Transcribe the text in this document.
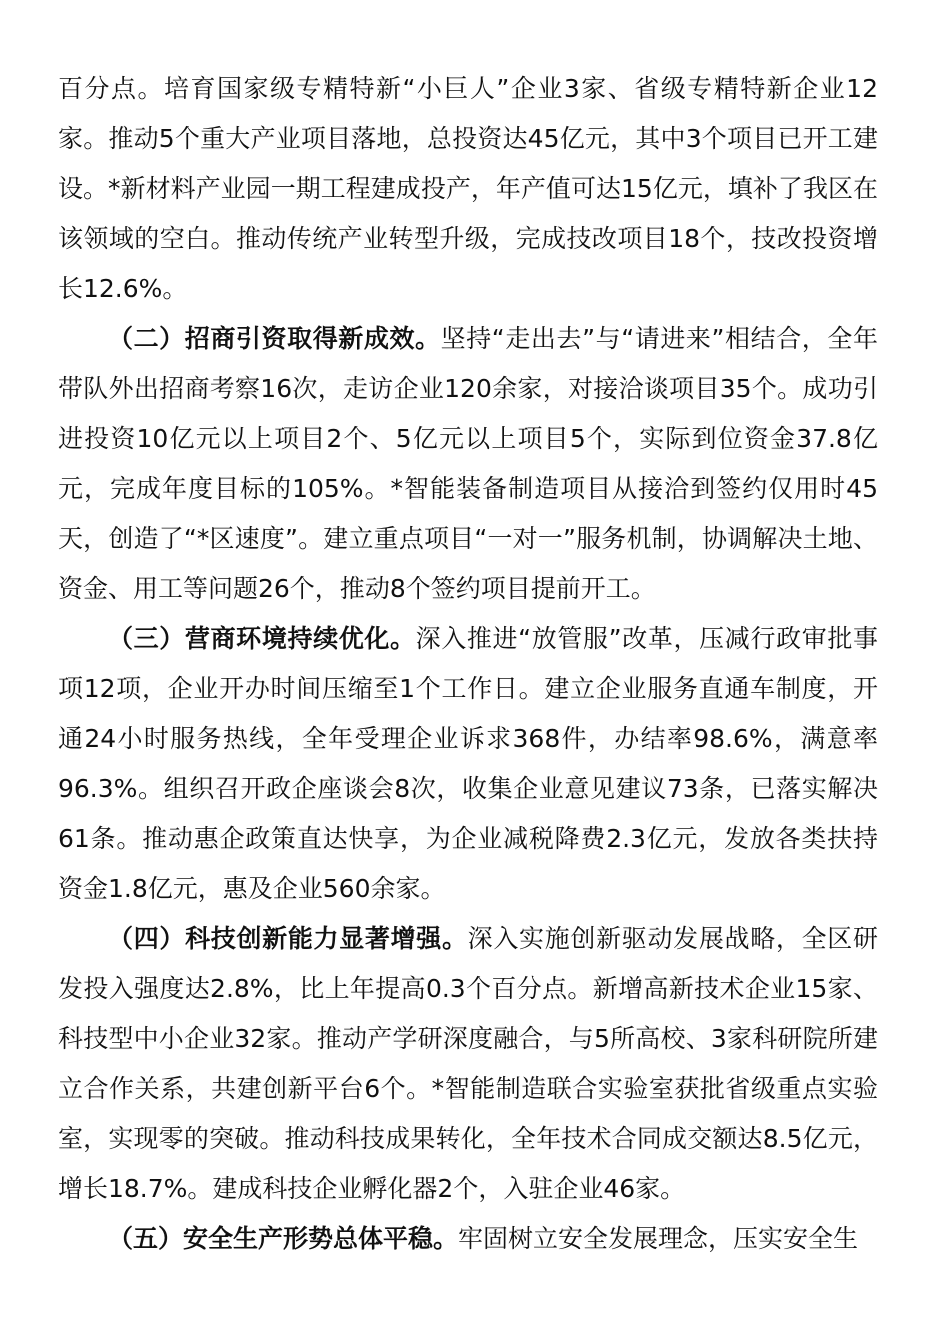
百分点。培育国家级专精特新“小巨人”企业3家、省级专精特新企业12家。推动5个重大产业项目落地，总投资达45亿元，其中3个项目已开工建设。*新材料产业园一期工程建成投产，年产值可达15亿元，填补了我区在该领域的空白。推动传统产业转型升级，完成技改项目18个，技改投资增长12.6%。

（二）招商引资取得新成效。坚持“走出去”与“请进来”相结合，全年带队外出招商考察16次，走访企业120余家，对接洽谈项目35个。成功引进投资10亿元以上项目2个、5亿元以上项目5个，实际到位资金37.8亿元，完成年度目标的105%。*智能装备制造项目从接洽到签约仅用时45天，创造了“*区速度”。建立重点项目“一对一”服务机制，协调解决土地、资金、用工等问题26个，推动8个签约项目提前开工。

（三）营商环境持续优化。深入推进“放管服”改革，压减行政审批事项12项，企业开办时间压缩至1个工作日。建立企业服务直通车制度，开通24小时服务热线，全年受理企业诉求368件，办结率98.6%，满意率96.3%。组织召开政企座谈会8次，收集企业意见建议73条，已落实解决61条。推动惠企政策直达快享，为企业减税降费2.3亿元，发放各类扶持资金1.8亿元，惠及企业560余家。

（四）科技创新能力显著增强。深入实施创新驱动发展战略，全区研发投入强度达2.8%，比上年提高0.3个百分点。新增高新技术企业15家、科技型中小企业32家。推动产学研深度融合，与5所高校、3家科研院所建立合作关系，共建创新平台6个。*智能制造联合实验室获批省级重点实验室，实现零的突破。推动科技成果转化，全年技术合同成交额达8.5亿元，增长18.7%。建成科技企业孵化器2个，入驻企业46家。

（五）安全生产形势总体平稳。牢固树立安全发展理念，压实安全生
